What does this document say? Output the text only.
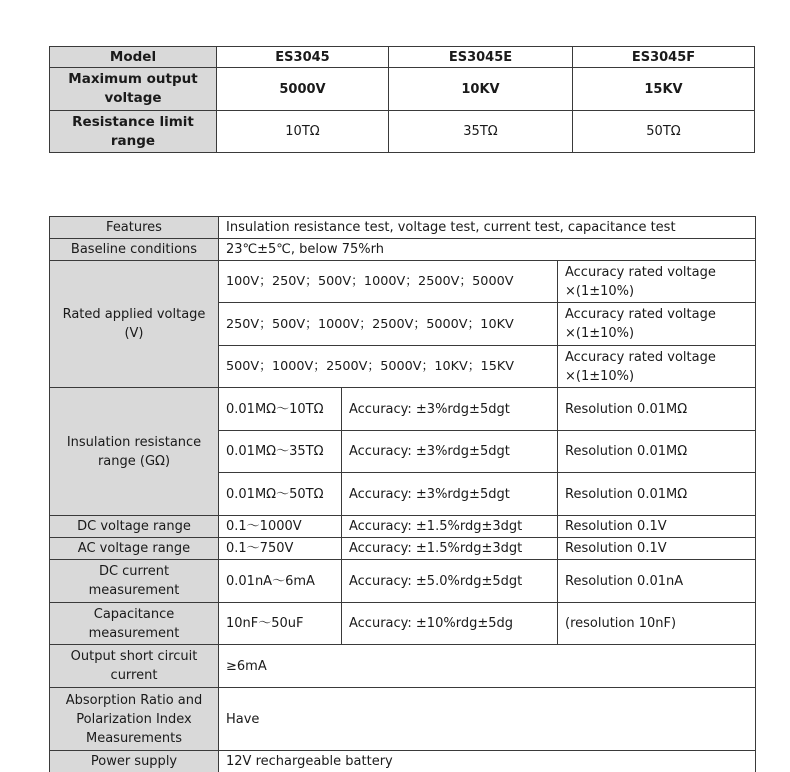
Model	ES3045	ES3045E	ES3045F
Maximum output voltage	5000V	10KV	15KV
Resistance limit range	10TΩ	35TΩ	50TΩ
Features	Insulation resistance test, voltage test, current test, capacitance test		
Baseline conditions	23℃±5℃, below 75%rh		
Rated applied voltage (V)	100V；250V；500V；1000V；2500V；5000V		Accuracy rated voltage ×(1±10%)
	250V；500V；1000V；2500V；5000V；10KV		Accuracy rated voltage ×(1±10%)
	500V；1000V；2500V；5000V；10KV；15KV		Accuracy rated voltage ×(1±10%)
Insulation resistance range (GΩ)	0.01MΩ～10TΩ	Accuracy: ±3%rdg±5dgt	Resolution 0.01MΩ
	0.01MΩ～35TΩ	Accuracy: ±3%rdg±5dgt	Resolution 0.01MΩ
	0.01MΩ～50TΩ	Accuracy: ±3%rdg±5dgt	Resolution 0.01MΩ
DC voltage range	0.1～1000V	Accuracy: ±1.5%rdg±3dgt	Resolution 0.1V
AC voltage range	0.1～750V	Accuracy: ±1.5%rdg±3dgt	Resolution 0.1V
DC current measurement	0.01nA～6mA	Accuracy: ±5.0%rdg±5dgt	Resolution 0.01nA
Capacitance measurement	10nF～50uF	Accuracy: ±10%rdg±5dg	(resolution 10nF)
Output short circuit current	≥6mA		
Absorption Ratio and Polarization Index Measurements	Have		
Power supply	12V rechargeable battery		
